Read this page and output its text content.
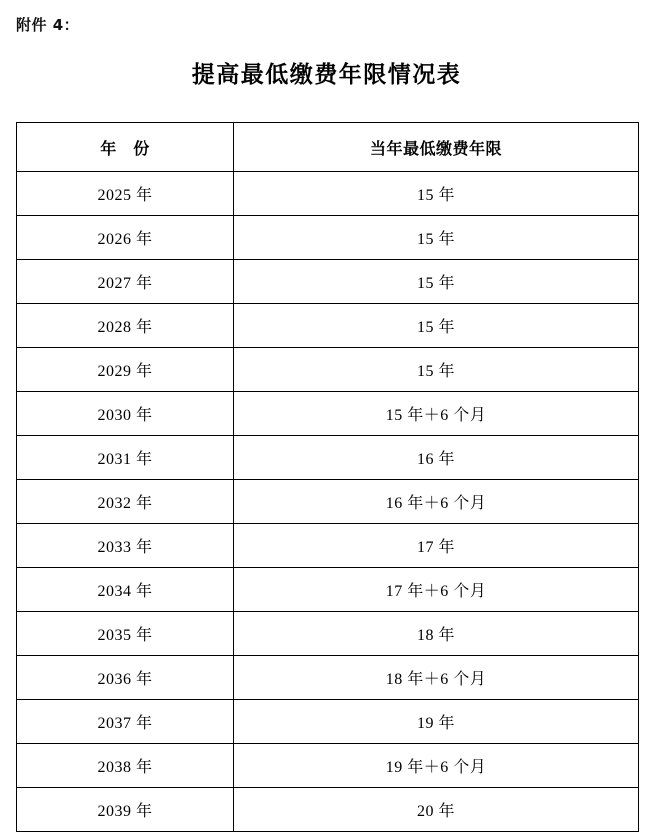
附件 4：
提高最低缴费年限情况表
年　份	当年最低缴费年限
2025 年	15 年
2026 年	15 年
2027 年	15 年
2028 年	15 年
2029 年	15 年
2030 年	15 年＋6 个月
2031 年	16 年
2032 年	16 年＋6 个月
2033 年	17 年
2034 年	17 年＋6 个月
2035 年	18 年
2036 年	18 年＋6 个月
2037 年	19 年
2038 年	19 年＋6 个月
2039 年	20 年
